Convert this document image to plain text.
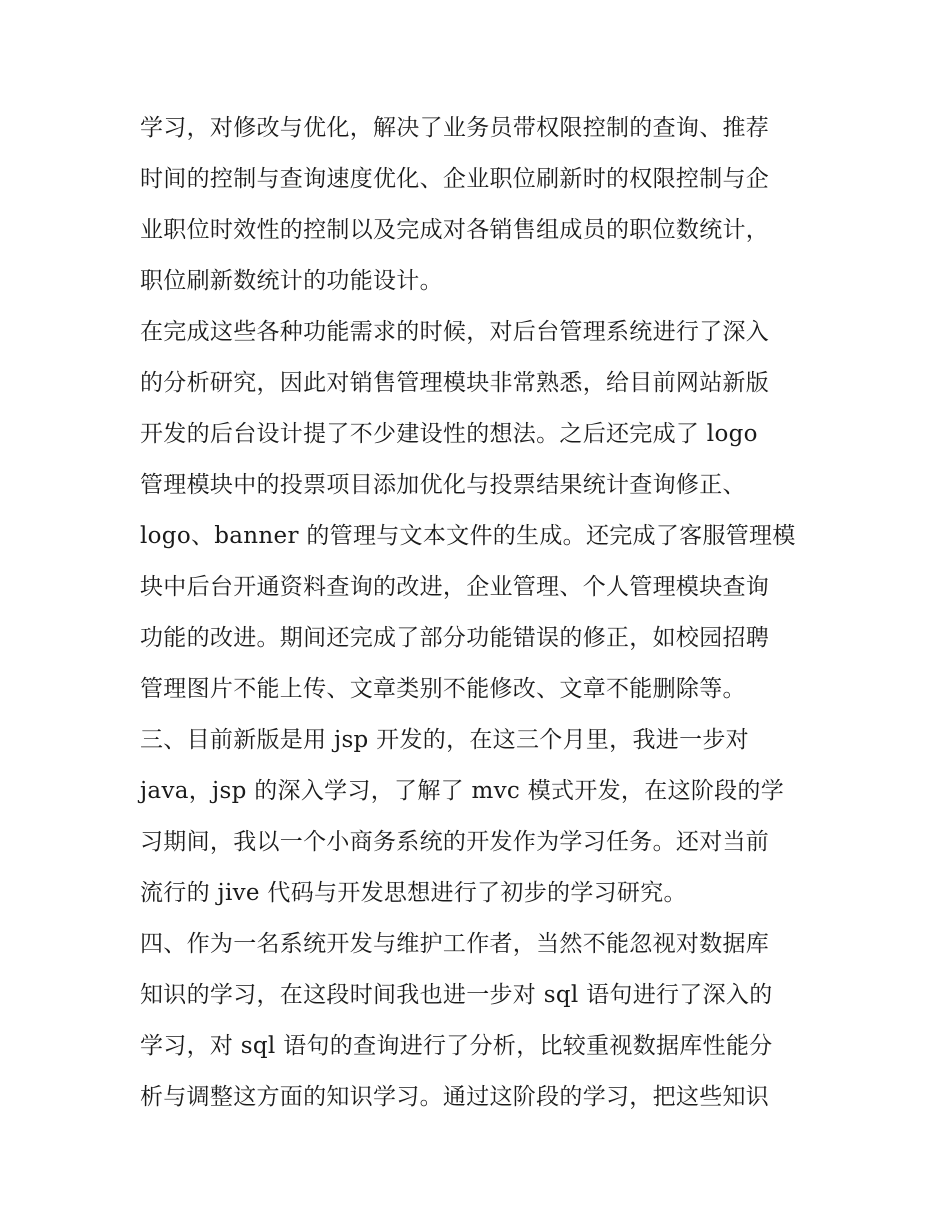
学习，对修改与优化，解决了业务员带权限控制的查询、推荐
时间的控制与查询速度优化、企业职位刷新时的权限控制与企
业职位时效性的控制以及完成对各销售组成员的职位数统计，
职位刷新数统计的功能设计。
在完成这些各种功能需求的时候，对后台管理系统进行了深入
的分析研究，因此对销售管理模块非常熟悉，给目前网站新版
开发的后台设计提了不少建设性的想法。之后还完成了 logo
管理模块中的投票项目添加优化与投票结果统计查询修正、
logo、banner 的管理与文本文件的生成。还完成了客服管理模
块中后台开通资料查询的改进，企业管理、个人管理模块查询
功能的改进。期间还完成了部分功能错误的修正，如校园招聘
管理图片不能上传、文章类别不能修改、文章不能删除等。
三、目前新版是用 jsp 开发的，在这三个月里，我进一步对
java，jsp 的深入学习，了解了 mvc 模式开发，在这阶段的学
习期间，我以一个小商务系统的开发作为学习任务。还对当前
流行的 jive 代码与开发思想进行了初步的学习研究。
四、作为一名系统开发与维护工作者，当然不能忽视对数据库
知识的学习，在这段时间我也进一步对 sql 语句进行了深入的
学习，对 sql 语句的查询进行了分析，比较重视数据库性能分
析与调整这方面的知识学习。通过这阶段的学习，把这些知识
